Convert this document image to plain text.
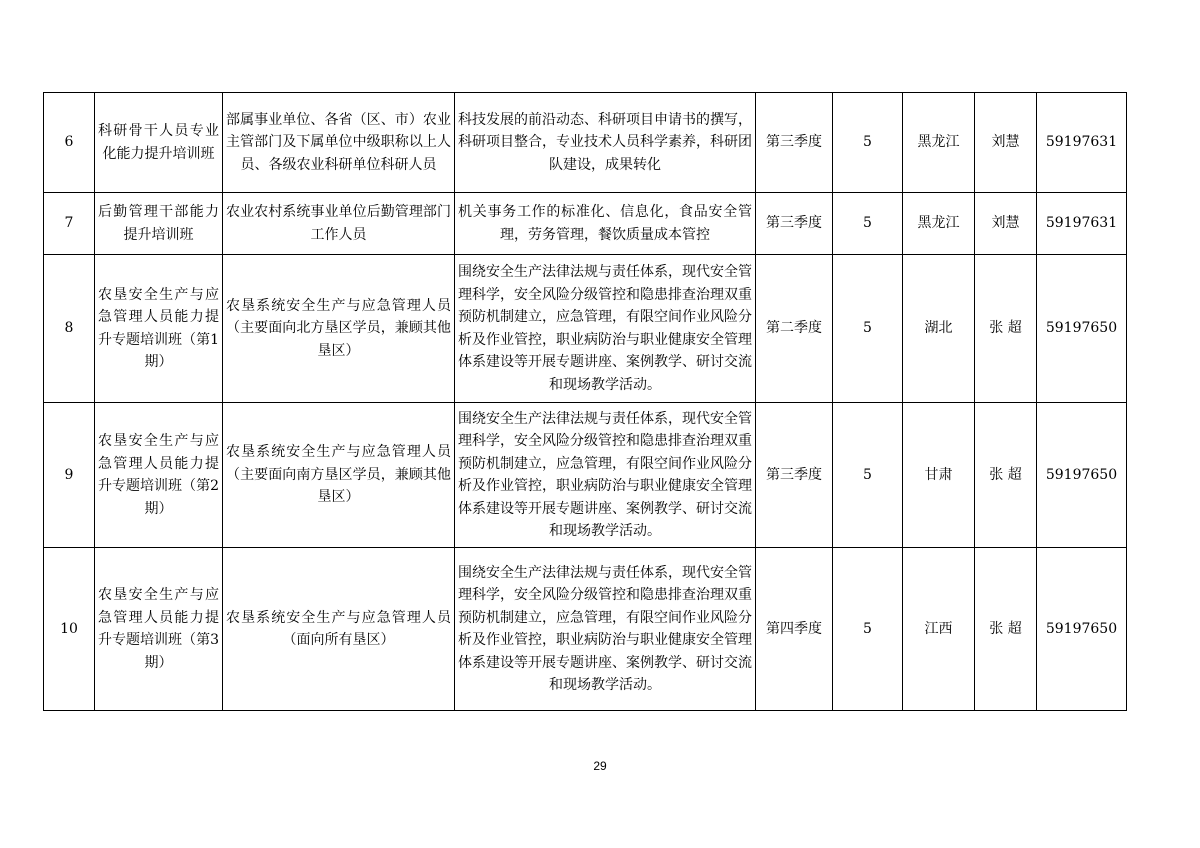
6	科研骨干人员专业化能力提升培训班	部属事业单位、各省（区、市）农业主管部门及下属单位中级职称以上人员、各级农业科研单位科研人员	科技发展的前沿动态、科研项目申请书的撰写，科研项目整合，专业技术人员科学素养，科研团队建设，成果转化	第三季度	5	黑龙江	刘慧	59197631
7	后勤管理干部能力提升培训班	农业农村系统事业单位后勤管理部门工作人员	机关事务工作的标准化、信息化，食品安全管理，劳务管理，餐饮质量成本管控	第三季度	5	黑龙江	刘慧	59197631
8	农垦安全生产与应急管理人员能力提升专题培训班（第1期）	农垦系统安全生产与应急管理人员（主要面向北方垦区学员，兼顾其他垦区）	围绕安全生产法律法规与责任体系，现代安全管理科学，安全风险分级管控和隐患排查治理双重预防机制建立，应急管理，有限空间作业风险分析及作业管控，职业病防治与职业健康安全管理体系建设等开展专题讲座、案例教学、研讨交流和现场教学活动。	第二季度	5	湖北	张 超	59197650
9	农垦安全生产与应急管理人员能力提升专题培训班（第2期）	农垦系统安全生产与应急管理人员（主要面向南方垦区学员，兼顾其他垦区）	围绕安全生产法律法规与责任体系，现代安全管理科学，安全风险分级管控和隐患排查治理双重预防机制建立，应急管理，有限空间作业风险分析及作业管控，职业病防治与职业健康安全管理体系建设等开展专题讲座、案例教学、研讨交流和现场教学活动。	第三季度	5	甘肃	张 超	59197650
10	农垦安全生产与应急管理人员能力提升专题培训班（第3期）	农垦系统安全生产与应急管理人员（面向所有垦区）	围绕安全生产法律法规与责任体系，现代安全管理科学，安全风险分级管控和隐患排查治理双重预防机制建立，应急管理，有限空间作业风险分析及作业管控，职业病防治与职业健康安全管理体系建设等开展专题讲座、案例教学、研讨交流和现场教学活动。	第四季度	5	江西	张 超	59197650
29
